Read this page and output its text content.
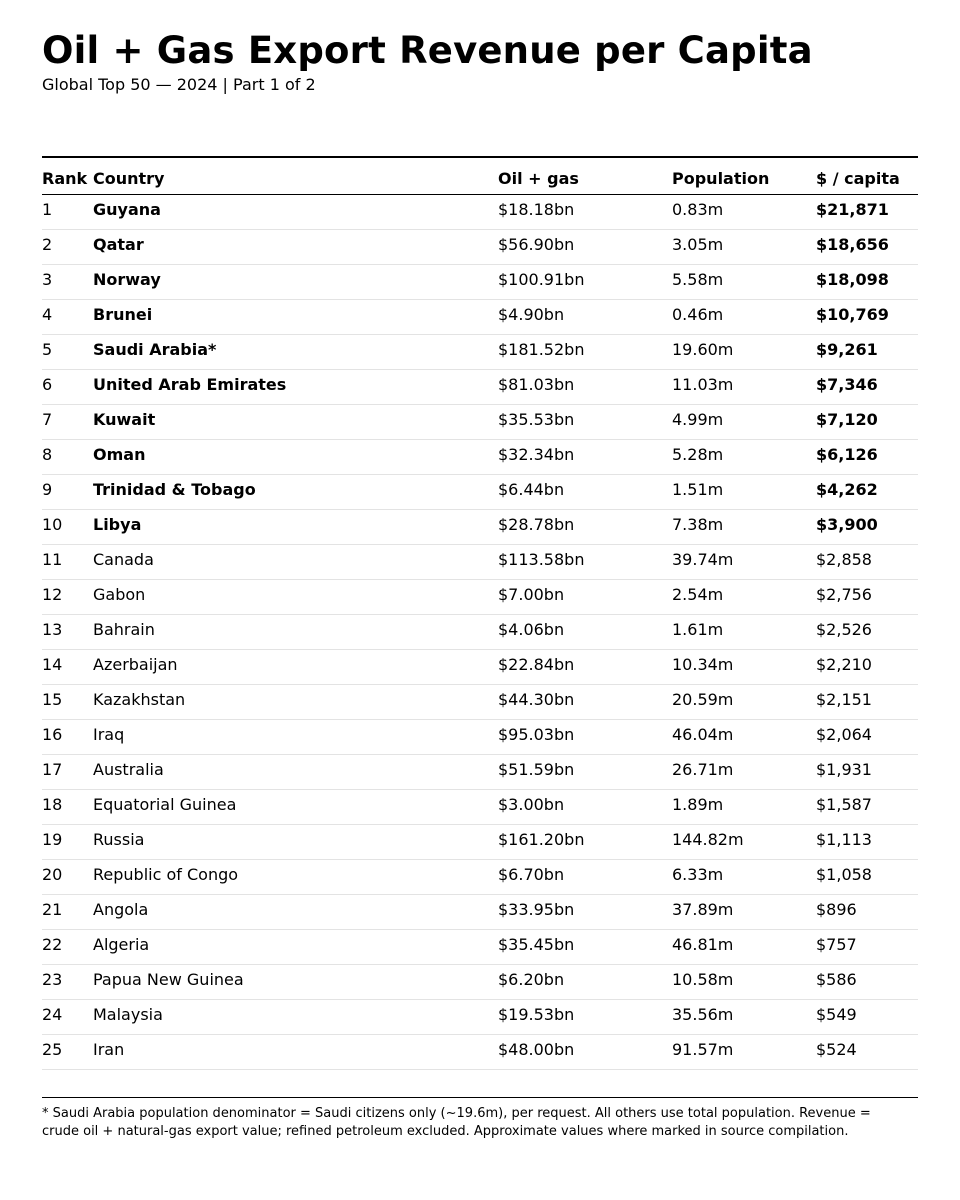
Oil + Gas Export Revenue per Capita

Global Top 50 — 2024 | Part 1 of 2

Rank Country	Oil + gas	Population	$ / capita
1	Guyana	$18.18bn	0.83m	$21,871
2	Qatar	$56.90bn	3.05m	$18,656
3	Norway	$100.91bn	5.58m	$18,098
4	Brunei	$4.90bn	0.46m	$10,769
5	Saudi Arabia*	$181.52bn	19.60m	$9,261
6	United Arab Emirates	$81.03bn	11.03m	$7,346
7	Kuwait	$35.53bn	4.99m	$7,120
8	Oman	$32.34bn	5.28m	$6,126
9	Trinidad & Tobago	$6.44bn	1.51m	$4,262
10 Libya	$28.78bn	7.38m	$3,900
11 Canada	$113.58bn	39.74m	$2,858
12 Gabon	$7.00bn	2.54m	$2,756
13 Bahrain	$4.06bn	1.61m	$2,526
14 Azerbaijan	$22.84bn	10.34m	$2,210
15 Kazakhstan	$44.30bn	20.59m	$2,151
16 Iraq	$95.03bn	46.04m	$2,064
17 Australia	$51.59bn	26.71m	$1,931
18 Equatorial Guinea	$3.00bn	1.89m	$1,587
19 Russia	$161.20bn	144.82m	$1,113
20 Republic of Congo	$6.70bn	6.33m	$1,058
21 Angola	$33.95bn	37.89m	$896
22 Algeria	$35.45bn	46.81m	$757
23 Papua New Guinea	$6.20bn	10.58m	$586
24 Malaysia	$19.53bn	35.56m	$549
25 Iran	$48.00bn	91.57m	$524

* Saudi Arabia population denominator = Saudi citizens only (~19.6m), per request. All others use total population. Revenue = crude oil + natural-gas export value; refined petroleum excluded. Approximate values where marked in source compilation.
